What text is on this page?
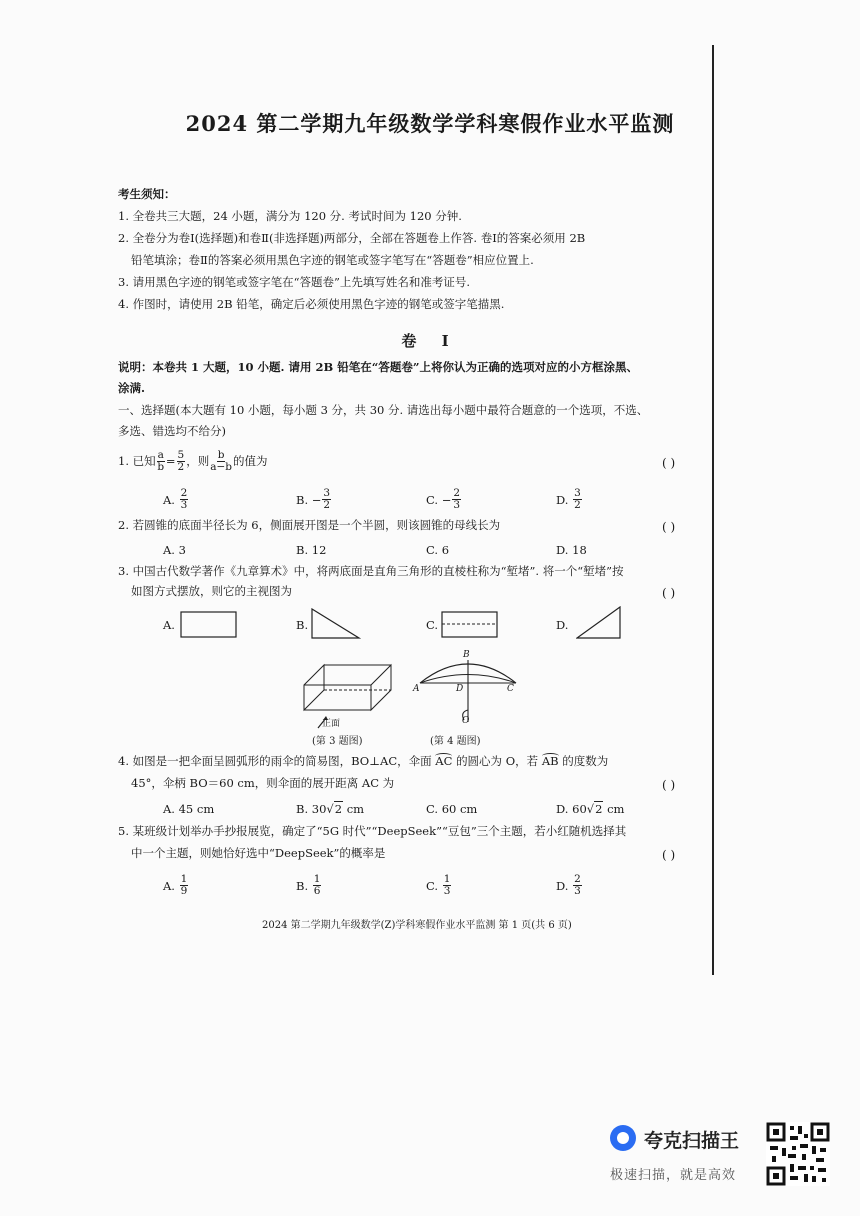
2024 第二学期九年级数学学科寒假作业水平监测
考生须知：
1. 全卷共三大题，24 小题，满分为 120 分. 考试时间为 120 分钟.
2. 全卷分为卷Ⅰ(选择题)和卷Ⅱ(非选择题)两部分，全部在答题卷上作答. 卷Ⅰ的答案必须用 2B
铅笔填涂；卷Ⅱ的答案必须用黑色字迹的钢笔或签字笔写在“答题卷”相应位置上.
3. 请用黑色字迹的钢笔或签字笔在“答题卷”上先填写姓名和准考证号.
4. 作图时，请使用 2B 铅笔，确定后必须使用黑色字迹的钢笔或签字笔描黑.
卷 Ⅰ
说明：本卷共 1 大题，10 小题. 请用 2B 铅笔在“答题卷”上将你认为正确的选项对应的小方框涂黑、
涂满.
一、选择题(本大题有 10 小题，每小题 3 分，共 30 分. 请选出每小题中最符合题意的一个选项，不选、
多选、错选均不给分)
1. 已知 $\frac{a}{b} = \frac{5}{2}$ ，则 $\frac{b}{a-b}$ 的值为	( )
A.
$\frac{2}{3}$	B.
− $\frac{3}{2}$	C.
− $\frac{2}{3}$	D.
$\frac{3}{2}$
2. 若圆锥的底面半径长为 6，侧面展开图是一个半圆，则该圆锥的母线长为	( )
A. 3	B. 12	C. 6	D. 18
3. 中国古代数学著作《九章算术》中，将两底面是直角三角形的直棱柱称为“堑堵”. 将一个“堑堵”按
如图方式摆放，则它的主视图为	( )
A.	B.	C.	D.
正面
(第 3 题图)
B
A	D	C
O
(第 4 题图)
4. 如图是一把伞面呈圆弧形的雨伞的简易图，BO⊥AC，伞面 AC 的圆心为 O，若 AB 的度数为
45°，伞柄 BO＝60 cm，则伞面的展开距离 AC 为	( )
A. 45 cm	B. 30√2 cm	C. 60 cm	D. 60√2 cm
5. 某班级计划举办手抄报展览，确定了“5G 时代”“DeepSeek”“豆包”三个主题，若小红随机选择其
中一个主题，则她恰好选中“DeepSeek”的概率是	( )
A.
$\frac{1}{9}$	B.
$\frac{1}{6}$	C.
$\frac{1}{3}$	D.
$\frac{2}{3}$
2024 第二学期九年级数学(Z)学科寒假作业水平监测 第 1 页(共 6 页)
夸克扫描王
极速扫描，就是高效
